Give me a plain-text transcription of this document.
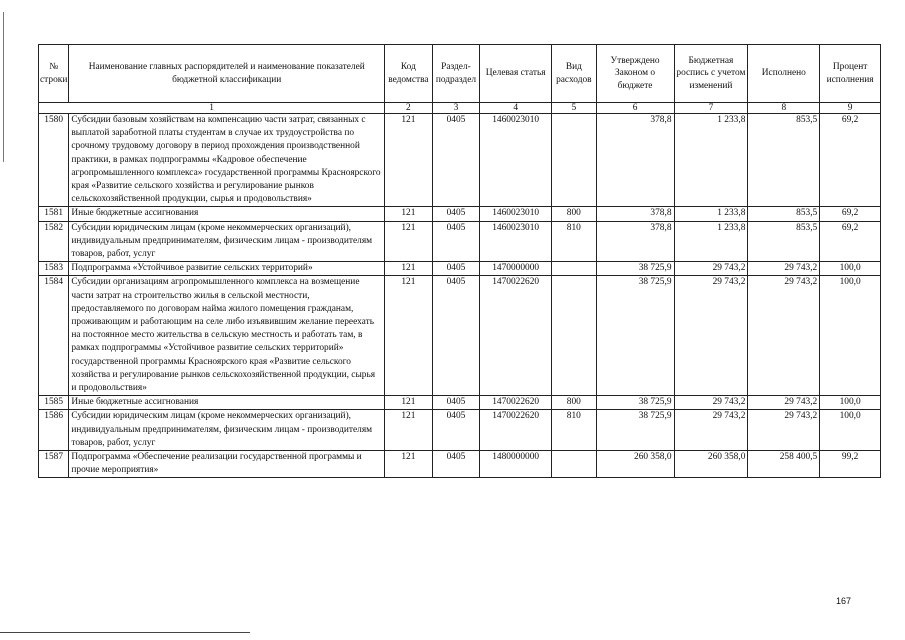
№ строки	Наименование главных распорядителей и наименование показателей бюджетной классификации	Код ведомства	Раздел-подраздел	Целевая статья	Вид расходов	Утверждено Законом о бюджете	Бюджетная роспись с учетом изменений	Исполнено	Процент исполнения
1		2	3	4	5	6	7	8	9
1580	Субсидии базовым хозяйствам на компенсацию части затрат, связанных с выплатой заработной платы студентам в случае их трудоустройства по срочному трудовому договору в период прохождения производственной практики, в рамках подпрограммы «Кадровое обеспечение агропромышленного комплекса» государственной программы Красноярского края «Развитие сельского хозяйства и регулирование рынков сельскохозяйственной продукции, сырья и продовольствия»	121	0405	1460023010		378,8	1 233,8	853,5	69,2
1581	Иные бюджетные ассигнования	121	0405	1460023010	800	378,8	1 233,8	853,5	69,2
1582	Субсидии юридическим лицам (кроме некоммерческих организаций), индивидуальным предпринимателям, физическим лицам - производителям товаров, работ, услуг	121	0405	1460023010	810	378,8	1 233,8	853,5	69,2
1583	Подпрограмма «Устойчивое развитие сельских территорий»	121	0405	1470000000		38 725,9	29 743,2	29 743,2	100,0
1584	Субсидии организациям агропромышленного комплекса на возмещение части затрат на строительство жилья в сельской местности, предоставляемого по договорам найма жилого помещения гражданам, проживающим и работающим на селе либо изъявившим желание переехать на постоянное место жительства в сельскую местность и работать там, в рамках подпрограммы «Устойчивое развитие сельских территорий» государственной программы Красноярского края «Развитие сельского хозяйства и регулирование рынков сельскохозяйственной продукции, сырья и продовольствия»	121	0405	1470022620		38 725,9	29 743,2	29 743,2	100,0
1585	Иные бюджетные ассигнования	121	0405	1470022620	800	38 725,9	29 743,2	29 743,2	100,0
1586	Субсидии юридическим лицам (кроме некоммерческих организаций), индивидуальным предпринимателям, физическим лицам - производителям товаров, работ, услуг	121	0405	1470022620	810	38 725,9	29 743,2	29 743,2	100,0
1587	Подпрограмма «Обеспечение реализации государственной программы и прочие мероприятия»	121	0405	1480000000		260 358,0	260 358,0	258 400,5	99,2
167
